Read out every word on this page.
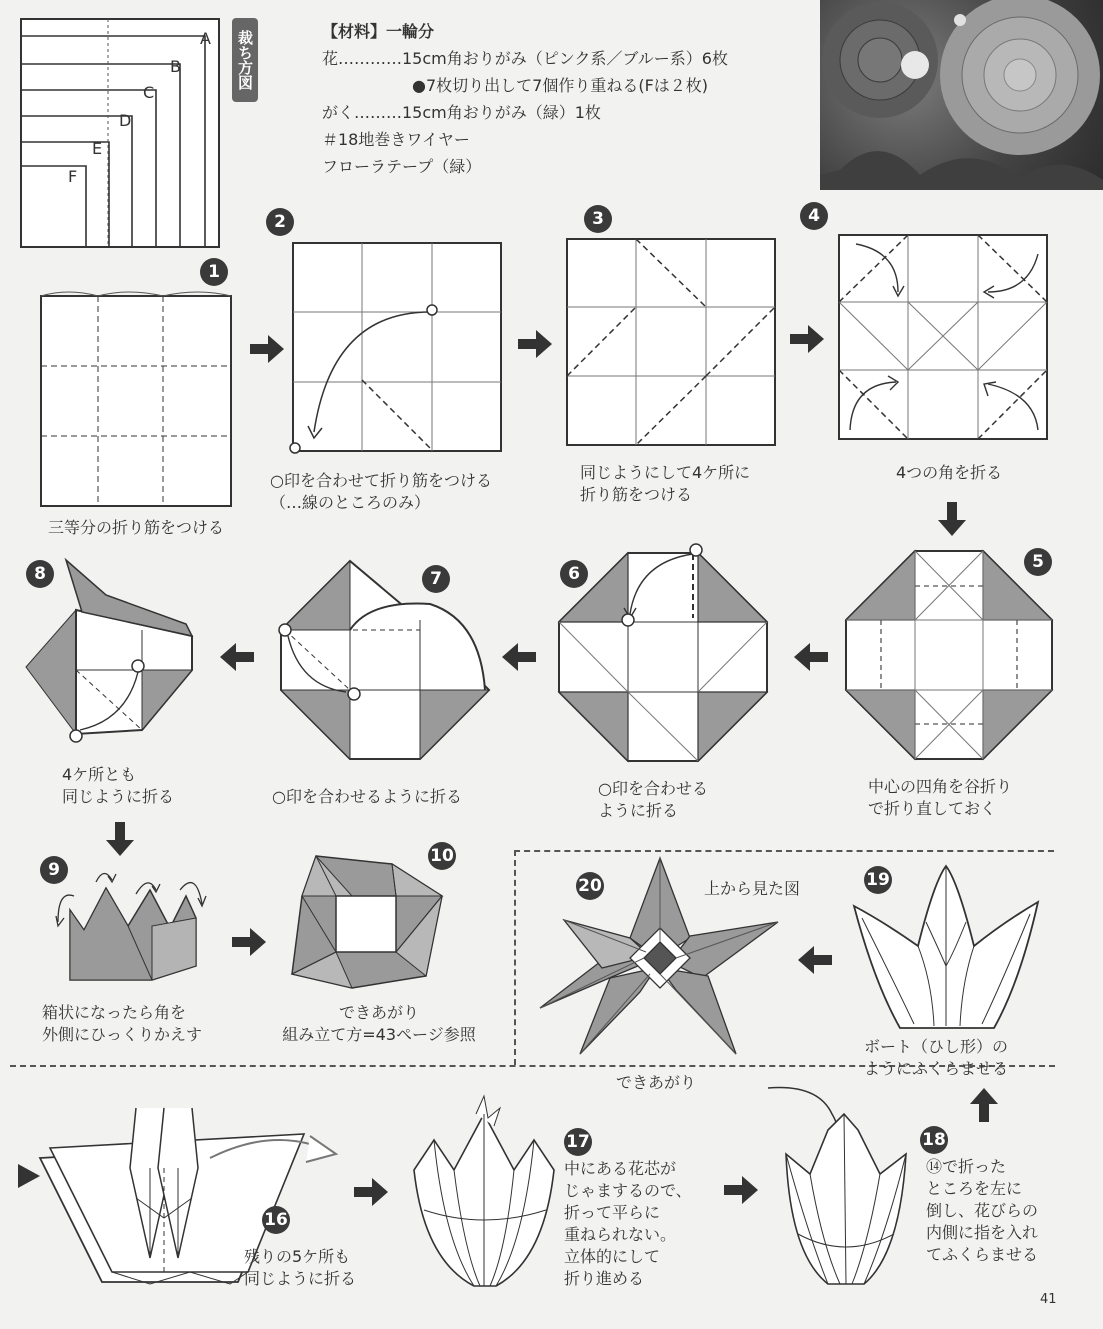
A
B
C
D
E
F
裁ち方図	【材料】一輪分
花…………15cm角おりがみ（ピンク系／ブルー系）6枚
●7枚切り出して7個作り重ねる(Fは２枚)
がく………15cm角おりがみ（緑）1枚
＃18地巻きワイヤー
フローラテープ（緑）
1
三等分の折り筋をつける
2
○印を合わせて折り筋をつける
（…線のところのみ）
3
同じようにして4ケ所に
折り筋をつける
4
4つの角を折る
5
中心の四角を谷折り
で折り直しておく
6
○印を合わせる
ように折る
7
○印を合わせるように折る
8
4ケ所とも
同じように折る
9
箱状になったら角を
外側にひっくりかえす
10
できあがり
組み立て方=43ページ参照
20	上から見た図
できあがり
19
ボート（ひし形）の
ようにふくらませる
16
残りの5ケ所も
同じように折る
17
中にある花芯が
じゃまするので、
折って平らに
重ねられない。
立体的にして
折り進める
18
⑭で折った
ところを左に
倒し、花びらの
内側に指を入れ
てふくらませる
41
